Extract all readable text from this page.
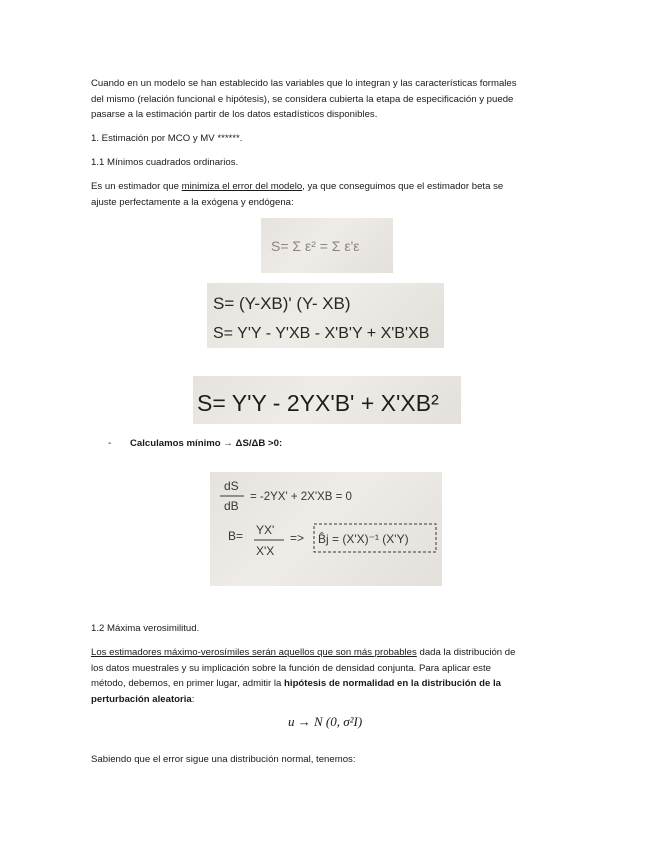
Cuando en un modelo se han establecido las variables que lo integran y las características formales
del mismo (relación funcional e hipótesis), se considera cubierta la etapa de especificación y puede
pasarse a la estimación partir de los datos estadísticos disponibles.
1. Estimación por MCO y MV ******.
1.1 Mínimos cuadrados ordinarios.
Es un estimador que minimiza el error del modelo, ya que conseguimos que el estimador beta se
ajuste perfectamente a la exógena y endógena:
S= Σ ε² = Σ ε'ε
S= (Y-XB)' (Y- XB)
S= Y'Y - Y'XB - X'B'Y + X'B'XB
S= Y'Y - 2YX'B' + X'XB²
- Calculamos mínimo → ΔS/ΔB >0:
dS
dB
= -2YX' + 2X'XB = 0
B= YX'
X'X
=> B̂j = (X'X)⁻¹ (X'Y)
1.2 Máxima verosimilitud.
Los estimadores máximo-verosímiles serán aquellos que son más probables dada la distribución de
los datos muestrales y su implicación sobre la función de densidad conjunta. Para aplicar este
método, debemos, en primer lugar, admitir la hipótesis de normalidad en la distribución de la
perturbación aleatoria:
u → N (0, σ²I)
Sabiendo que el error sigue una distribución normal, tenemos:
